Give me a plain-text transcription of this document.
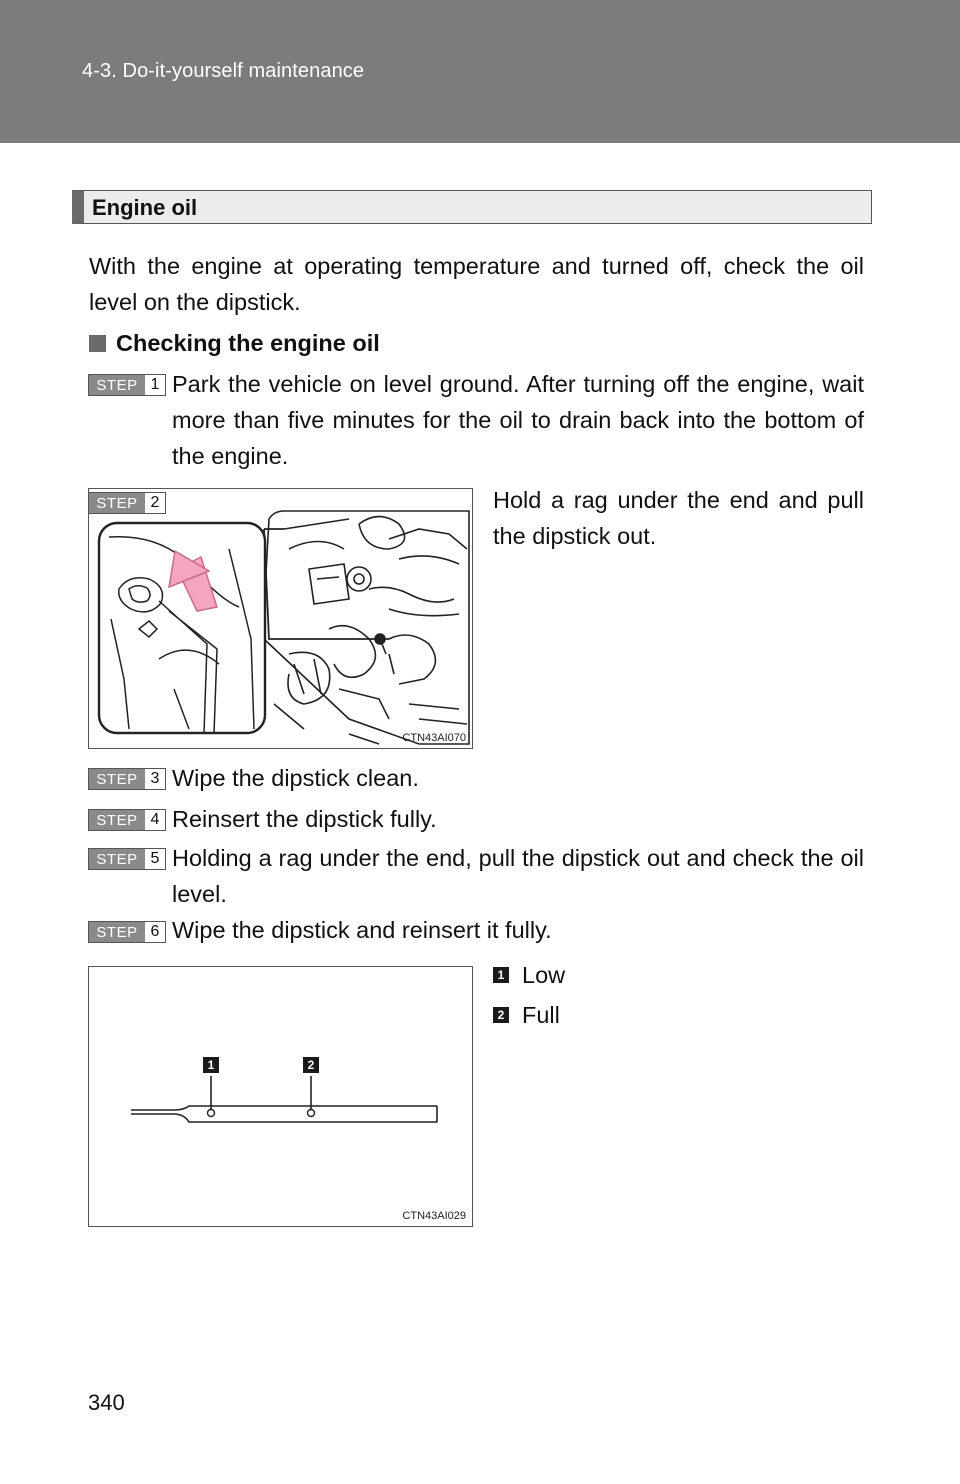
4-3. Do-it-yourself maintenance
Engine oil
With the engine at operating temperature and turned off, check the oil level on the dipstick.
Checking the engine oil
STEP 1 Park the vehicle on level ground. After turning off the engine, wait more than five minutes for the oil to drain back into the bottom of the engine.
CTN43AI070
STEP 2	Hold a rag under the end and pull the dipstick out.
STEP 3 Wipe the dipstick clean.
STEP 4 Reinsert the dipstick fully.
STEP 5 Holding a rag under the end, pull the dipstick out and check the oil level.
STEP 6 Wipe the dipstick and reinsert it fully.
1	2
CTN43AI029
1 Low
2 Full
340
